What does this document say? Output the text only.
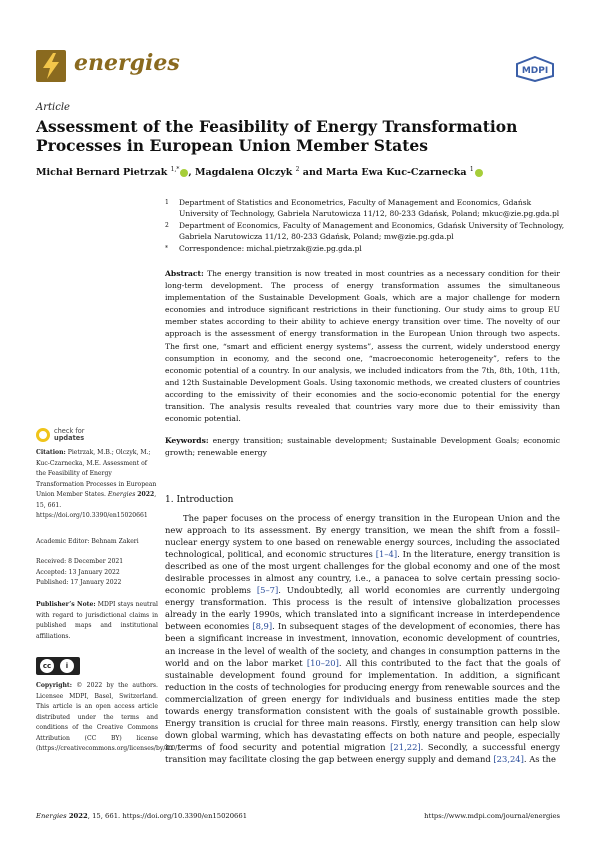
energies	MDPI
Article
Assessment of the Feasibility of Energy Transformation Processes in European Union Member States
Michał Bernard Pietrzak $^{1,*}$ , Magdalena Olczyk $^2$ and Marta Ewa Kuc-Czarnecka $^1$
1	Department of Statistics and Econometrics, Faculty of Management and Economics, Gdańsk University of Technology, Gabriela Narutowicza 11/12, 80-233 Gdańsk, Poland; mkuc@zie.pg.gda.pl
2	Department of Economics, Faculty of Management and Economics, Gdańsk University of Technology, Gabriela Narutowicza 11/12, 80-233 Gdańsk, Poland; mw@zie.pg.gda.pl
*	Correspondence: michal.pietrzak@zie.pg.gda.pl
Abstract: The energy transition is now treated in most countries as a necessary condition for their long-term development. The process of energy transformation assumes the simultaneous implementation of the Sustainable Development Goals, which are a major challenge for modern economies and introduce significant restrictions in their functioning. Our study aims to group EU member states according to their ability to achieve energy transition over time. The novelty of our approach is the assessment of energy transformation in the European Union through two aspects. The first one, “smart and efficient energy systems”, assess the current, widely understood energy consumption in economy, and the second one, “macroeconomic heterogeneity”, refers to the economic potential of a country. In our analysis, we included indicators from the 7th, 8th, 10th, 11th, and 12th Sustainable Development Goals. Using taxonomic methods, we created clusters of countries according to the emissivity of their economies and the socio-economic potential for the energy transition. The analysis results revealed that countries vary more due to their emissivity than economic potential.
Keywords: energy transition; sustainable development; Sustainable Development Goals; economic growth; renewable energy
check for
updates
Citation: Pietrzak, M.B.; Olczyk, M.; Kuc-Czarnecka, M.E. Assessment of the Feasibility of Energy Transformation Processes in European Union Member States. Energies 2022, 15, 661. https://doi.org/10.3390/en15020661
Academic Editor: Behnam Zakeri
Received: 8 December 2021
Accepted: 13 January 2022
Published: 17 January 2022
Publisher’s Note: MDPI stays neutral with regard to jurisdictional claims in published maps and institutional affiliations.
cc	i
Copyright: © 2022 by the authors. Licensee MDPI, Basel, Switzerland. This article is an open access article distributed under the terms and conditions of the Creative Commons Attribution (CC BY) license (https://creativecommons.org/licenses/by/4.0/).
1. Introduction

The paper focuses on the process of energy transition in the European Union and the new approach to its assessment. By energy transition, we mean the shift from a fossil–nuclear energy system to one based on renewable energy sources, including the associated technological, political, and economic structures [1–4]. In the literature, energy transition is described as one of the most urgent challenges for the global economy and one of the most desirable processes in almost any country, i.e., a panacea to solve certain pressing socio-economic problems [5–7]. Undoubtedly, all world economies are currently undergoing energy transformation. This process is the result of intensive globalization processes already in the early 1990s, which translated into a significant increase in interdependence between economies [8,9]. In subsequent stages of the development of economies, there has been a significant increase in investment, innovation, economic development of countries, an increase in the level of wealth of the society, and changes in consumption patterns in the world and on the labor market [10–20]. All this contributed to the fact that the goals of sustainable development found ground for implementation. In addition, a significant reduction in the costs of technologies for producing energy from renewable sources and the commercialization of green energy for individuals and business entities made the step towards energy transformation consistent with the goals of sustainable growth possible. Energy transition is crucial for three main reasons. Firstly, energy transition can help slow down global warming, which has devastating effects on both nature and people, especially in terms of food security and potential migration [21,22]. Secondly, a successful energy transition may facilitate closing the gap between energy supply and demand [23,24]. As the

Energies 2022, 15, 661. https://doi.org/10.3390/en15020661	https://www.mdpi.com/journal/energies
